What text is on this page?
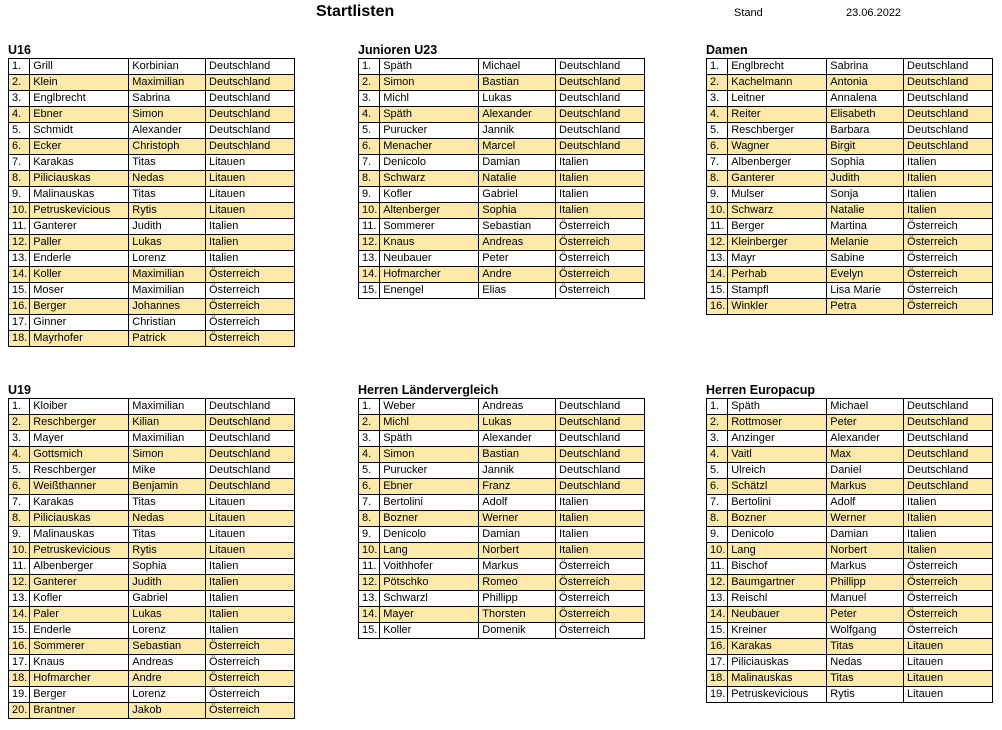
Startlisten	Stand	23.06.2022
U16
1.	Grill	Korbinian	Deutschland
2.	Klein	Maximilian	Deutschland
3.	Englbrecht	Sabrina	Deutschland
4.	Ebner	Simon	Deutschland
5.	Schmidt	Alexander	Deutschland
6.	Ecker	Christoph	Deutschland
7.	Karakas	Titas	Litauen
8.	Piliciauskas	Nedas	Litauen
9.	Malinauskas	Titas	Litauen
10.	Petruskevicious	Rytis	Litauen
11.	Ganterer	Judith	Italien
12.	Paller	Lukas	Italien
13.	Enderle	Lorenz	Italien
14.	Koller	Maximilian	Österreich
15.	Moser	Maximilian	Österreich
16.	Berger	Johannes	Österreich
17.	Ginner	Christian	Österreich
18.	Mayrhofer	Patrick	Österreich
Junioren U23
1.	Späth	Michael	Deutschland
2.	Simon	Bastian	Deutschland
3.	Michl	Lukas	Deutschland
4.	Späth	Alexander	Deutschland
5.	Purucker	Jannik	Deutschland
6.	Menacher	Marcel	Deutschland
7.	Denicolo	Damian	Italien
8.	Schwarz	Natalie	Italien
9.	Kofler	Gabriel	Italien
10.	Altenberger	Sophia	Italien
11.	Sommerer	Sebastian	Österreich
12.	Knaus	Andreas	Österreich
13.	Neubauer	Peter	Österreich
14.	Hofmarcher	Andre	Österreich
15.	Enengel	Elias	Österreich
Damen
1.	Englbrecht	Sabrina	Deutschland
2.	Kachelmann	Antonia	Deutschland
3.	Leitner	Annalena	Deutschland
4.	Reiter	Elisabeth	Deutschland
5.	Reschberger	Barbara	Deutschland
6.	Wagner	Birgit	Deutschland
7.	Albenberger	Sophia	Italien
8.	Ganterer	Judith	Italien
9.	Mulser	Sonja	Italien
10.	Schwarz	Natalie	Italien
11.	Berger	Martina	Österreich
12.	Kleinberger	Melanie	Österreich
13.	Mayr	Sabine	Österreich
14.	Perhab	Evelyn	Österreich
15.	Stampfl	Lisa Marie	Österreich
16.	Winkler	Petra	Österreich
U19
1.	Kloiber	Maximilian	Deutschland
2.	Reschberger	Kilian	Deutschland
3.	Mayer	Maximilian	Deutschland
4.	Gottsmich	Simon	Deutschland
5.	Reschberger	Mike	Deutschland
6.	Weißthanner	Benjamin	Deutschland
7.	Karakas	Titas	Litauen
8.	Piliciauskas	Nedas	Litauen
9.	Malinauskas	Titas	Litauen
10.	Petruskevicious	Rytis	Litauen
11.	Albenberger	Sophia	Italien
12.	Ganterer	Judith	Italien
13.	Kofler	Gabriel	Italien
14.	Paler	Lukas	Italien
15.	Enderle	Lorenz	Italien
16.	Sommerer	Sebastian	Österreich
17.	Knaus	Andreas	Österreich
18.	Hofmarcher	Andre	Österreich
19.	Berger	Lorenz	Österreich
20.	Brantner	Jakob	Österreich
Herren Ländervergleich
1.	Weber	Andreas	Deutschland
2.	Michl	Lukas	Deutschland
3.	Späth	Alexander	Deutschland
4.	Simon	Bastian	Deutschland
5.	Purucker	Jannik	Deutschland
6.	Ebner	Franz	Deutschland
7.	Bertolini	Adolf	Italien
8.	Bozner	Werner	Italien
9.	Denicolo	Damian	Italien
10.	Lang	Norbert	Italien
11.	Voithhofer	Markus	Österreich
12.	Pötschko	Romeo	Österreich
13.	Schwarzl	Phillipp	Österreich
14.	Mayer	Thorsten	Österreich
15.	Koller	Domenik	Österreich
Herren Europacup
1.	Späth	Michael	Deutschland
2.	Rottmoser	Peter	Deutschland
3.	Anzinger	Alexander	Deutschland
4.	Vaitl	Max	Deutschland
5.	Ulreich	Daniel	Deutschland
6.	Schätzl	Markus	Deutschland
7.	Bertolini	Adolf	Italien
8.	Bozner	Werner	Italien
9.	Denicolo	Damian	Italien
10.	Lang	Norbert	Italien
11.	Bischof	Markus	Österreich
12.	Baumgartner	Phillipp	Österreich
13.	Reischl	Manuel	Österreich
14.	Neubauer	Peter	Österreich
15.	Kreiner	Wolfgang	Österreich
16.	Karakas	Titas	Litauen
17.	Piliciauskas	Nedas	Litauen
18.	Malinauskas	Titas	Litauen
19.	Petruskevicious	Rytis	Litauen
